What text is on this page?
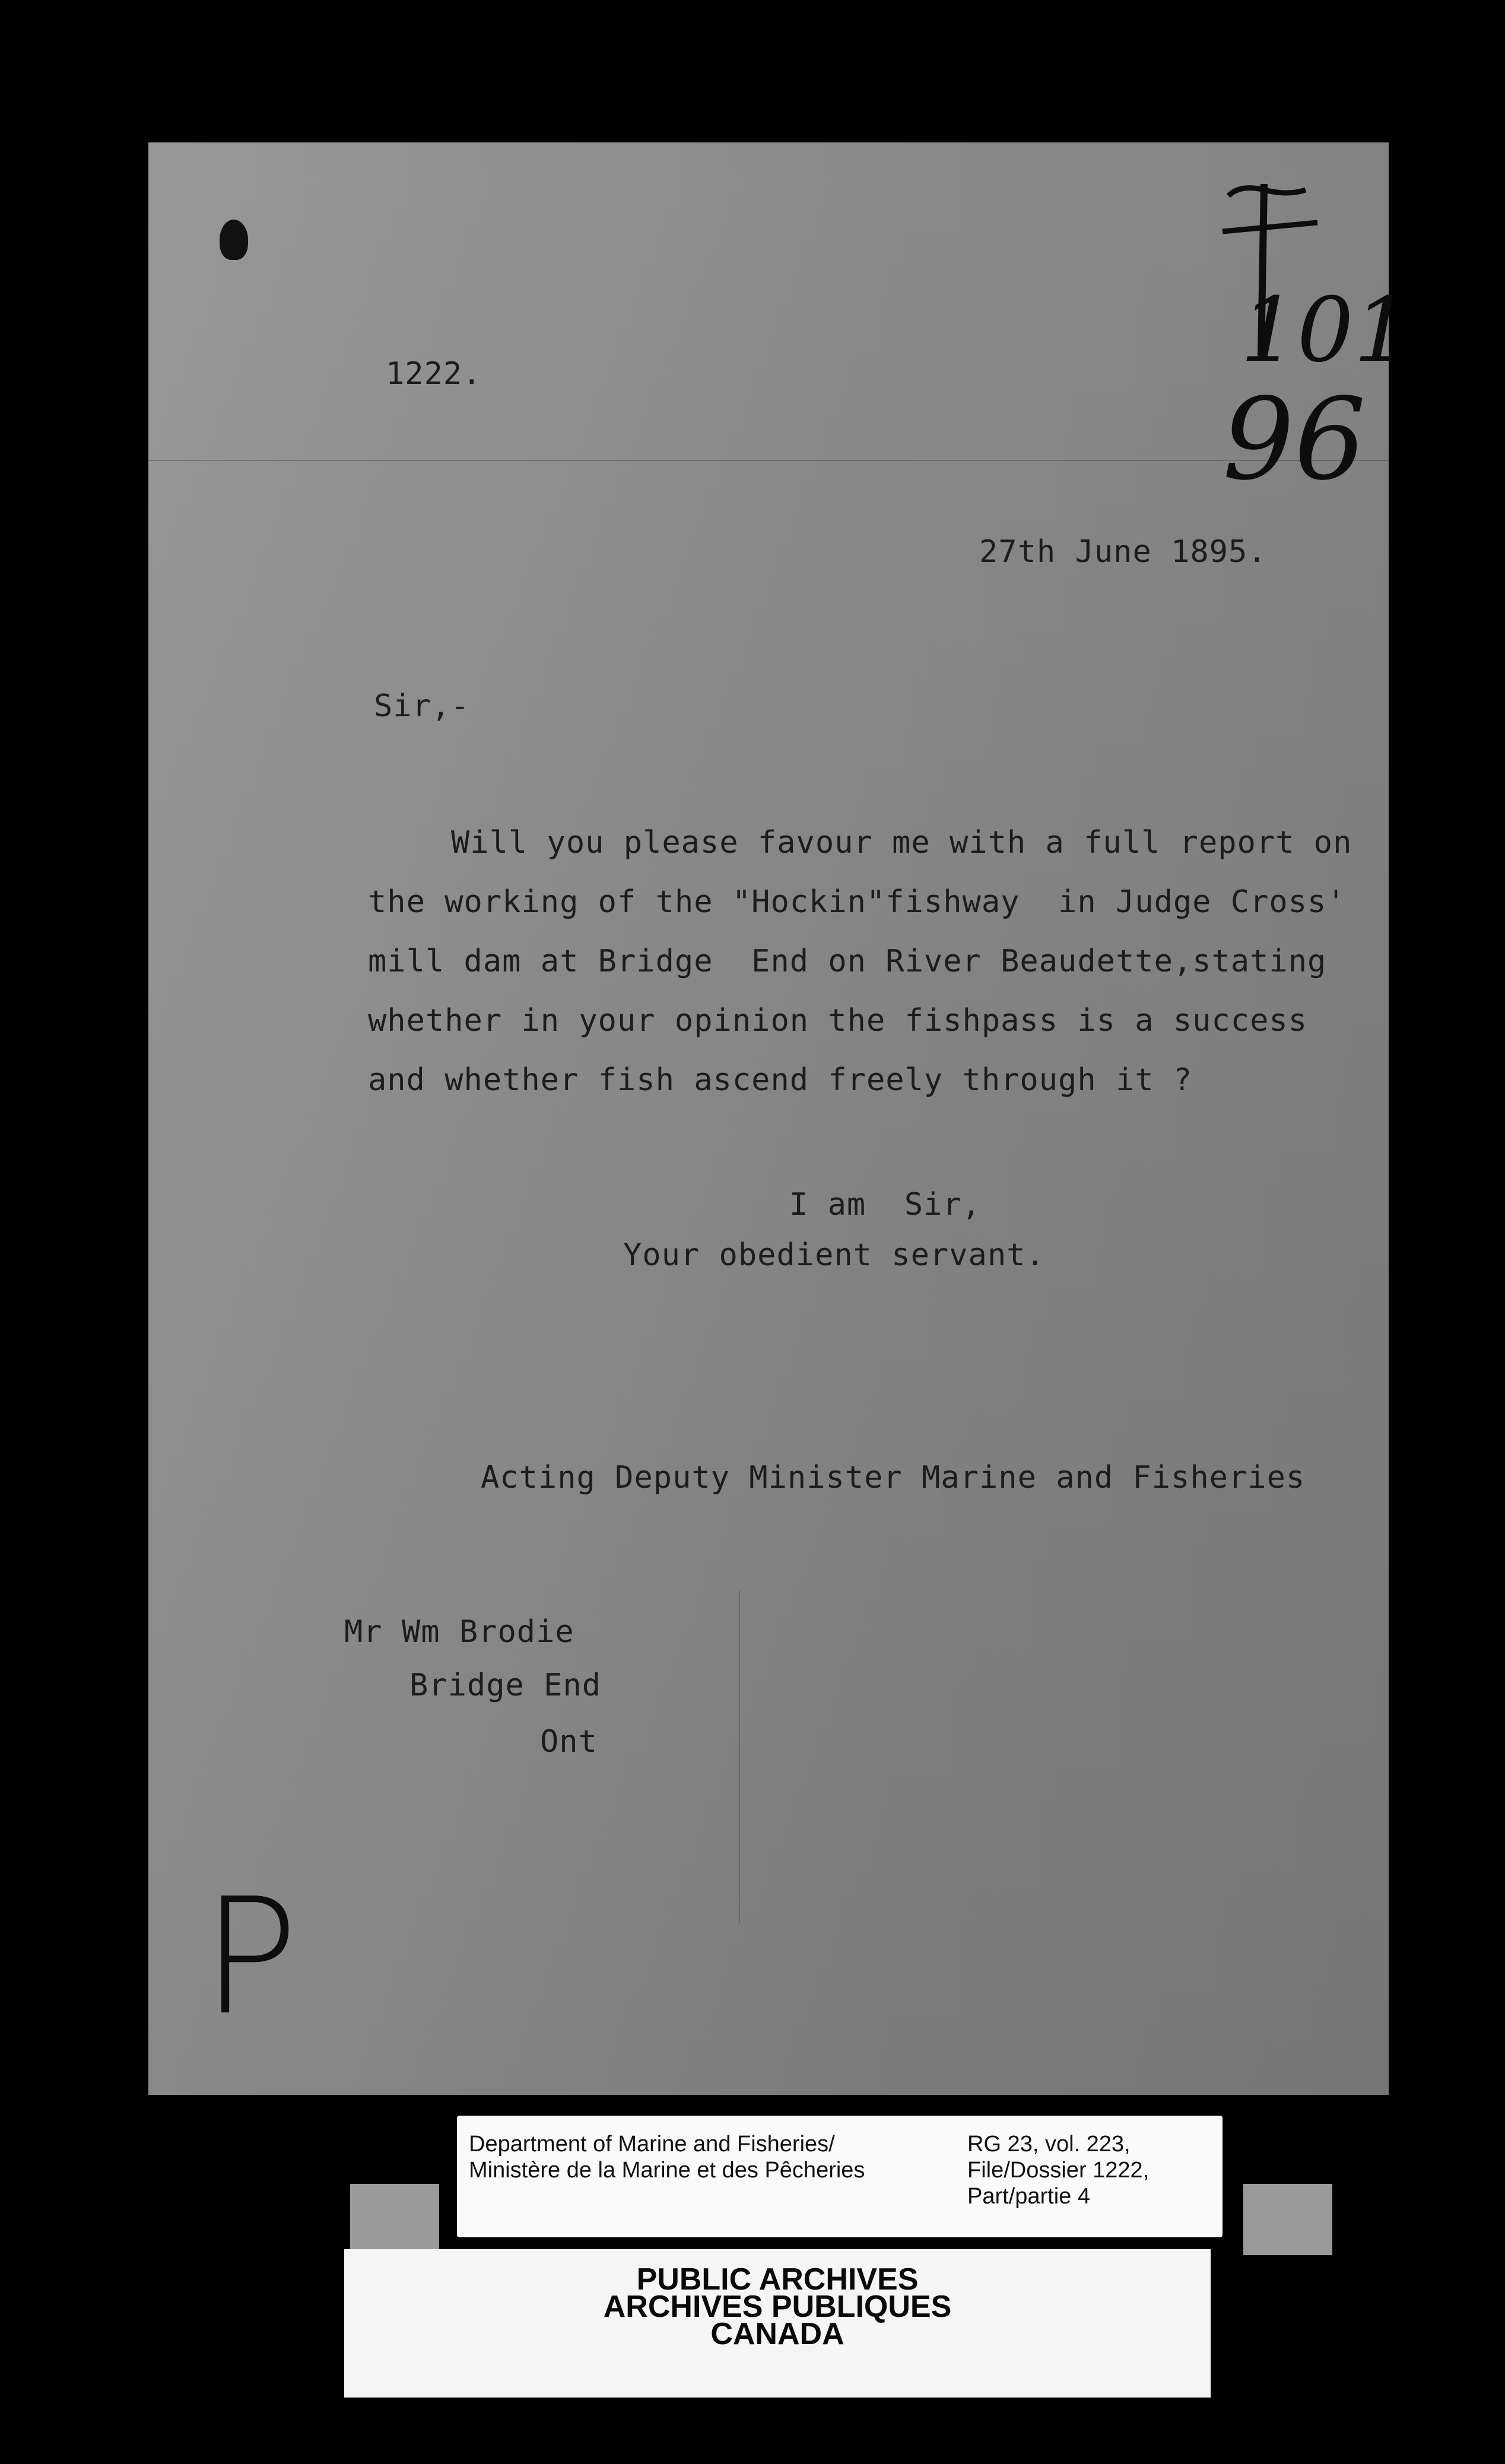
96
101
P
1222.
27th June 1895.
Sir,-
Will you please favour me with a full report on
the working of the "Hockin"fishway  in Judge Cross'
mill dam at Bridge  End on River Beaudette,stating
whether in your opinion the fishpass is a success
and whether fish ascend freely through it ?
I am  Sir,
Your obedient servant.
Acting Deputy Minister Marine and Fisheries
Mr Wm Brodie
Bridge End
Ont
Department of Marine and Fisheries/
Ministère de la Marine et des Pêcheries
RG 23, vol. 223,
File/Dossier 1222,
Part/partie 4
PUBLIC ARCHIVES
ARCHIVES PUBLIQUES
CANADA
